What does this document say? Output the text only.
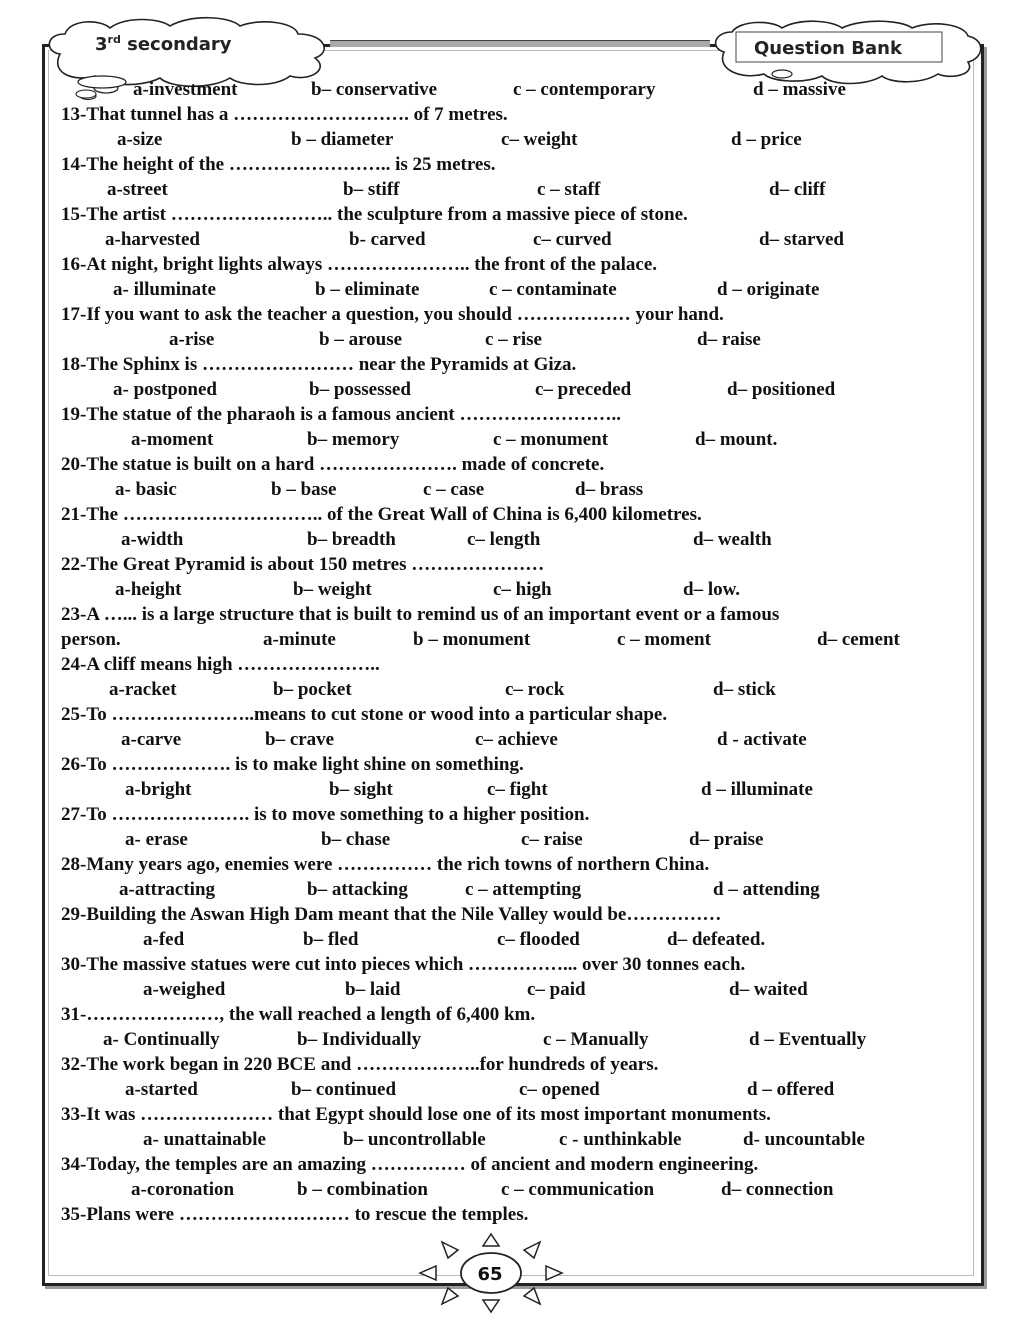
3rd secondary	Question Bank
a-investment	b– conservative	c – contemporary	d – massive
13-That tunnel has a ………………………. of 7 metres.
a-size	b – diameter	c– weight	d – price
14-The height of the …………………….. is 25 metres.
a-street	b– stiff	c – staff	d– cliff
15-The artist …………………….. the sculpture from a massive piece of stone.
a-harvested	b- carved	c– curved	d– starved
16-At night, bright lights always ………………….. the front of the palace.
a- illuminate	b – eliminate	c – contaminate	d – originate
17-If you want to ask the teacher a question, you should ……………… your hand.
a-rise	b – arouse	c – rise	d– raise
18-The Sphinx is …………………… near the Pyramids at Giza.
a- postponed	b– possessed	c– preceded	d– positioned
19-The statue of the pharaoh is a famous ancient ……………………..
a-moment	b– memory	c – monument	d– mount.
20-The statue is built on a hard …………………. made of concrete.
a- basic	b – base	c – case	d– brass
21-The ………………………….. of the Great Wall of China is 6,400 kilometres.
a-width	b– breadth	c– length	d– wealth
22-The Great Pyramid is about 150 metres …………………
a-height	b– weight	c– high	d– low.
23-A …... is a large structure that is built to remind us of an important event or a famous
person.	a-minute	b – monument	c – moment	d– cement
24-A cliff means high …………………..
a-racket	b– pocket	c– rock	d– stick
25-To …………………..means to cut stone or wood into a particular shape.
a-carve	b– crave	c– achieve	d - activate
26-To ………………. is to make light shine on something.
a-bright	b– sight	c– fight	d – illuminate
27-To …………………. is to move something to a higher position.
a- erase	b– chase	c– raise	d– praise
28-Many years ago, enemies were …………… the rich towns of northern China.
a-attracting	b– attacking	c – attempting	d – attending
29-Building the Aswan High Dam meant that the Nile Valley would be……………
a-fed	b– fled	c– flooded	d– defeated.
30-The massive statues were cut into pieces which ……………... over 30 tonnes each.
a-weighed	b– laid	c– paid	d– waited
31-…………………, the wall reached a length of 6,400 km.
a- Continually	b– Individually	c – Manually	d – Eventually
32-The work began in 220 BCE and ………………..for hundreds of years.
a-started	b– continued	c– opened	d – offered
33-It was ………………… that Egypt should lose one of its most important monuments.
a- unattainable	b– uncontrollable	c - unthinkable	d- uncountable
34-Today, the temples are an amazing …………… of ancient and modern engineering.
a-coronation	b – combination	c – communication	d– connection
35-Plans were ……………………… to rescue the temples.
65
